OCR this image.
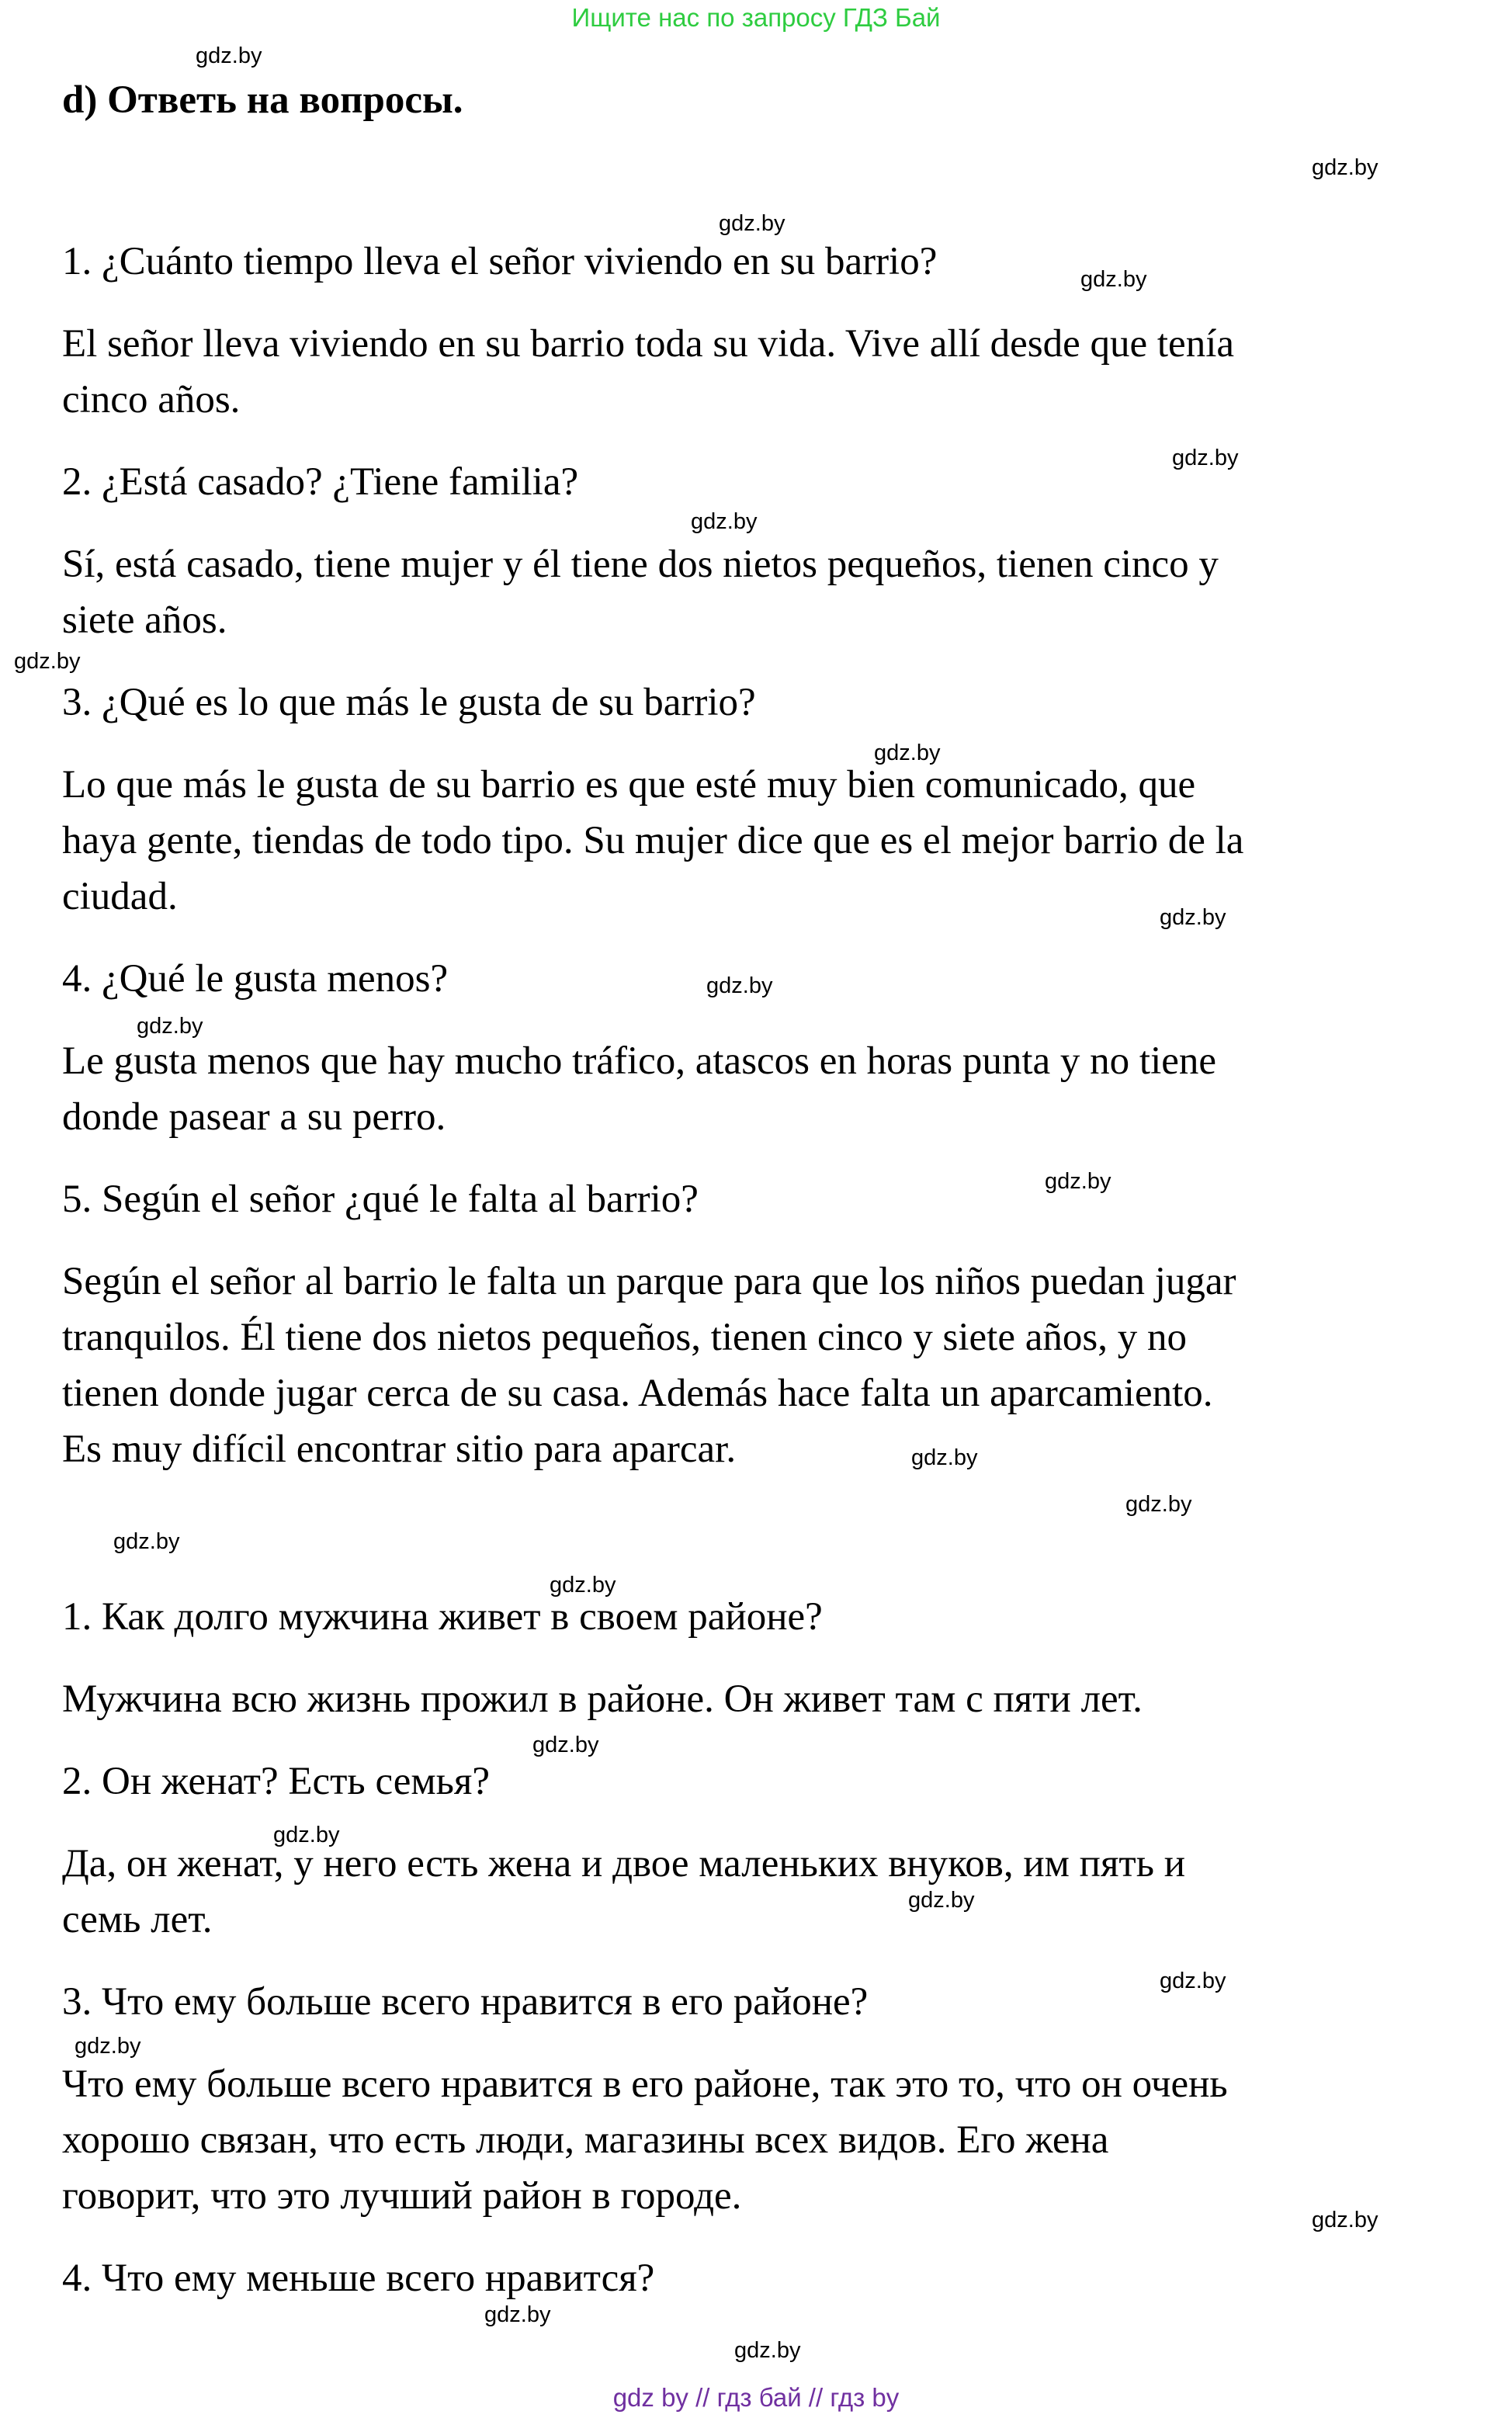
Ищите нас по запросу ГДЗ Бай
d) Ответь на вопросы.
1. ¿Cuánto tiempo lleva el señor viviendo en su barrio?
El señor lleva viviendo en su barrio toda su vida. Vive allí desde que tenía
cinco años.
2. ¿Está casado? ¿Tiene familia?
Sí, está casado, tiene mujer y él tiene dos nietos pequeños, tienen cinco y
siete años.
3. ¿Qué es lo que más le gusta de su barrio?
Lo que más le gusta de su barrio es que esté muy bien comunicado, que
haya gente, tiendas de todo tipo. Su mujer dice que es el mejor barrio de la
ciudad.
4. ¿Qué le gusta menos?
Le gusta menos que hay mucho tráfico, atascos en horas punta y no tiene
donde pasear a su perro.
5. Según el señor ¿qué le falta al barrio?
Según el señor al barrio le falta un parque para que los niños puedan jugar
tranquilos. Él tiene dos nietos pequeños, tienen cinco y siete años, y no
tienen donde jugar cerca de su casa. Además hace falta un aparcamiento.
Es muy difícil encontrar sitio para aparcar.
1. Как долго мужчина живет в своем районе?
Мужчина всю жизнь прожил в районе. Он живет там с пяти лет.
2. Он женат? Есть семья?
Да, он женат, у него есть жена и двое маленьких внуков, им пять и
семь лет.
3. Что ему больше всего нравится в его районе?
Что ему больше всего нравится в его районе, так это то, что он очень
хорошо связан, что есть люди, магазины всех видов. Его жена
говорит, что это лучший район в городе.
4. Что ему меньше всего нравится?
gdz.by
gdz.by
gdz.by
gdz.by
gdz.by
gdz.by
gdz.by
gdz.by
gdz.by
gdz.by
gdz.by
gdz.by
gdz.by
gdz.by
gdz.by
gdz.by
gdz.by
gdz.by
gdz.by
gdz.by
gdz.by
gdz.by
gdz.by
gdz.by
gdz by // гдз бай // гдз by
